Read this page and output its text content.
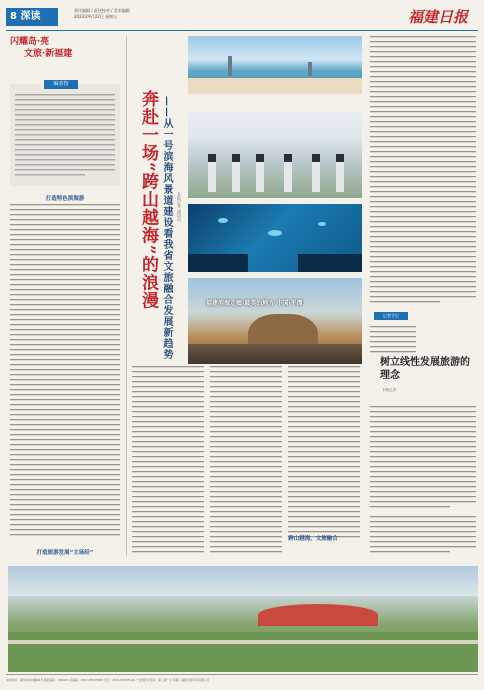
8 深读
责任编辑 / 责任校对 / 美术编辑
2023年9月22日 星期五	福建日报
闪耀岛·亮
文旅·新福建
编者按
打造特色滨海游
打造旅游发展“主场经”
奔赴一场“跨山越海”的浪漫 ——从一号滨海风景道建设看我省文旅融合发展新趋势 本报记者 通讯员
福建滨海走廊·最美的地方 中国·平潭
跨山越海，文旅融合
记者手记
树立线性发展旅游的理念
本报记者
本报地址：福州市华林路84号 邮政编码：350003 总编室：0591-87095000 发行：0591-87095199 广告经营许可证：闽工商广字 印刷：福建日报印务有限公司
